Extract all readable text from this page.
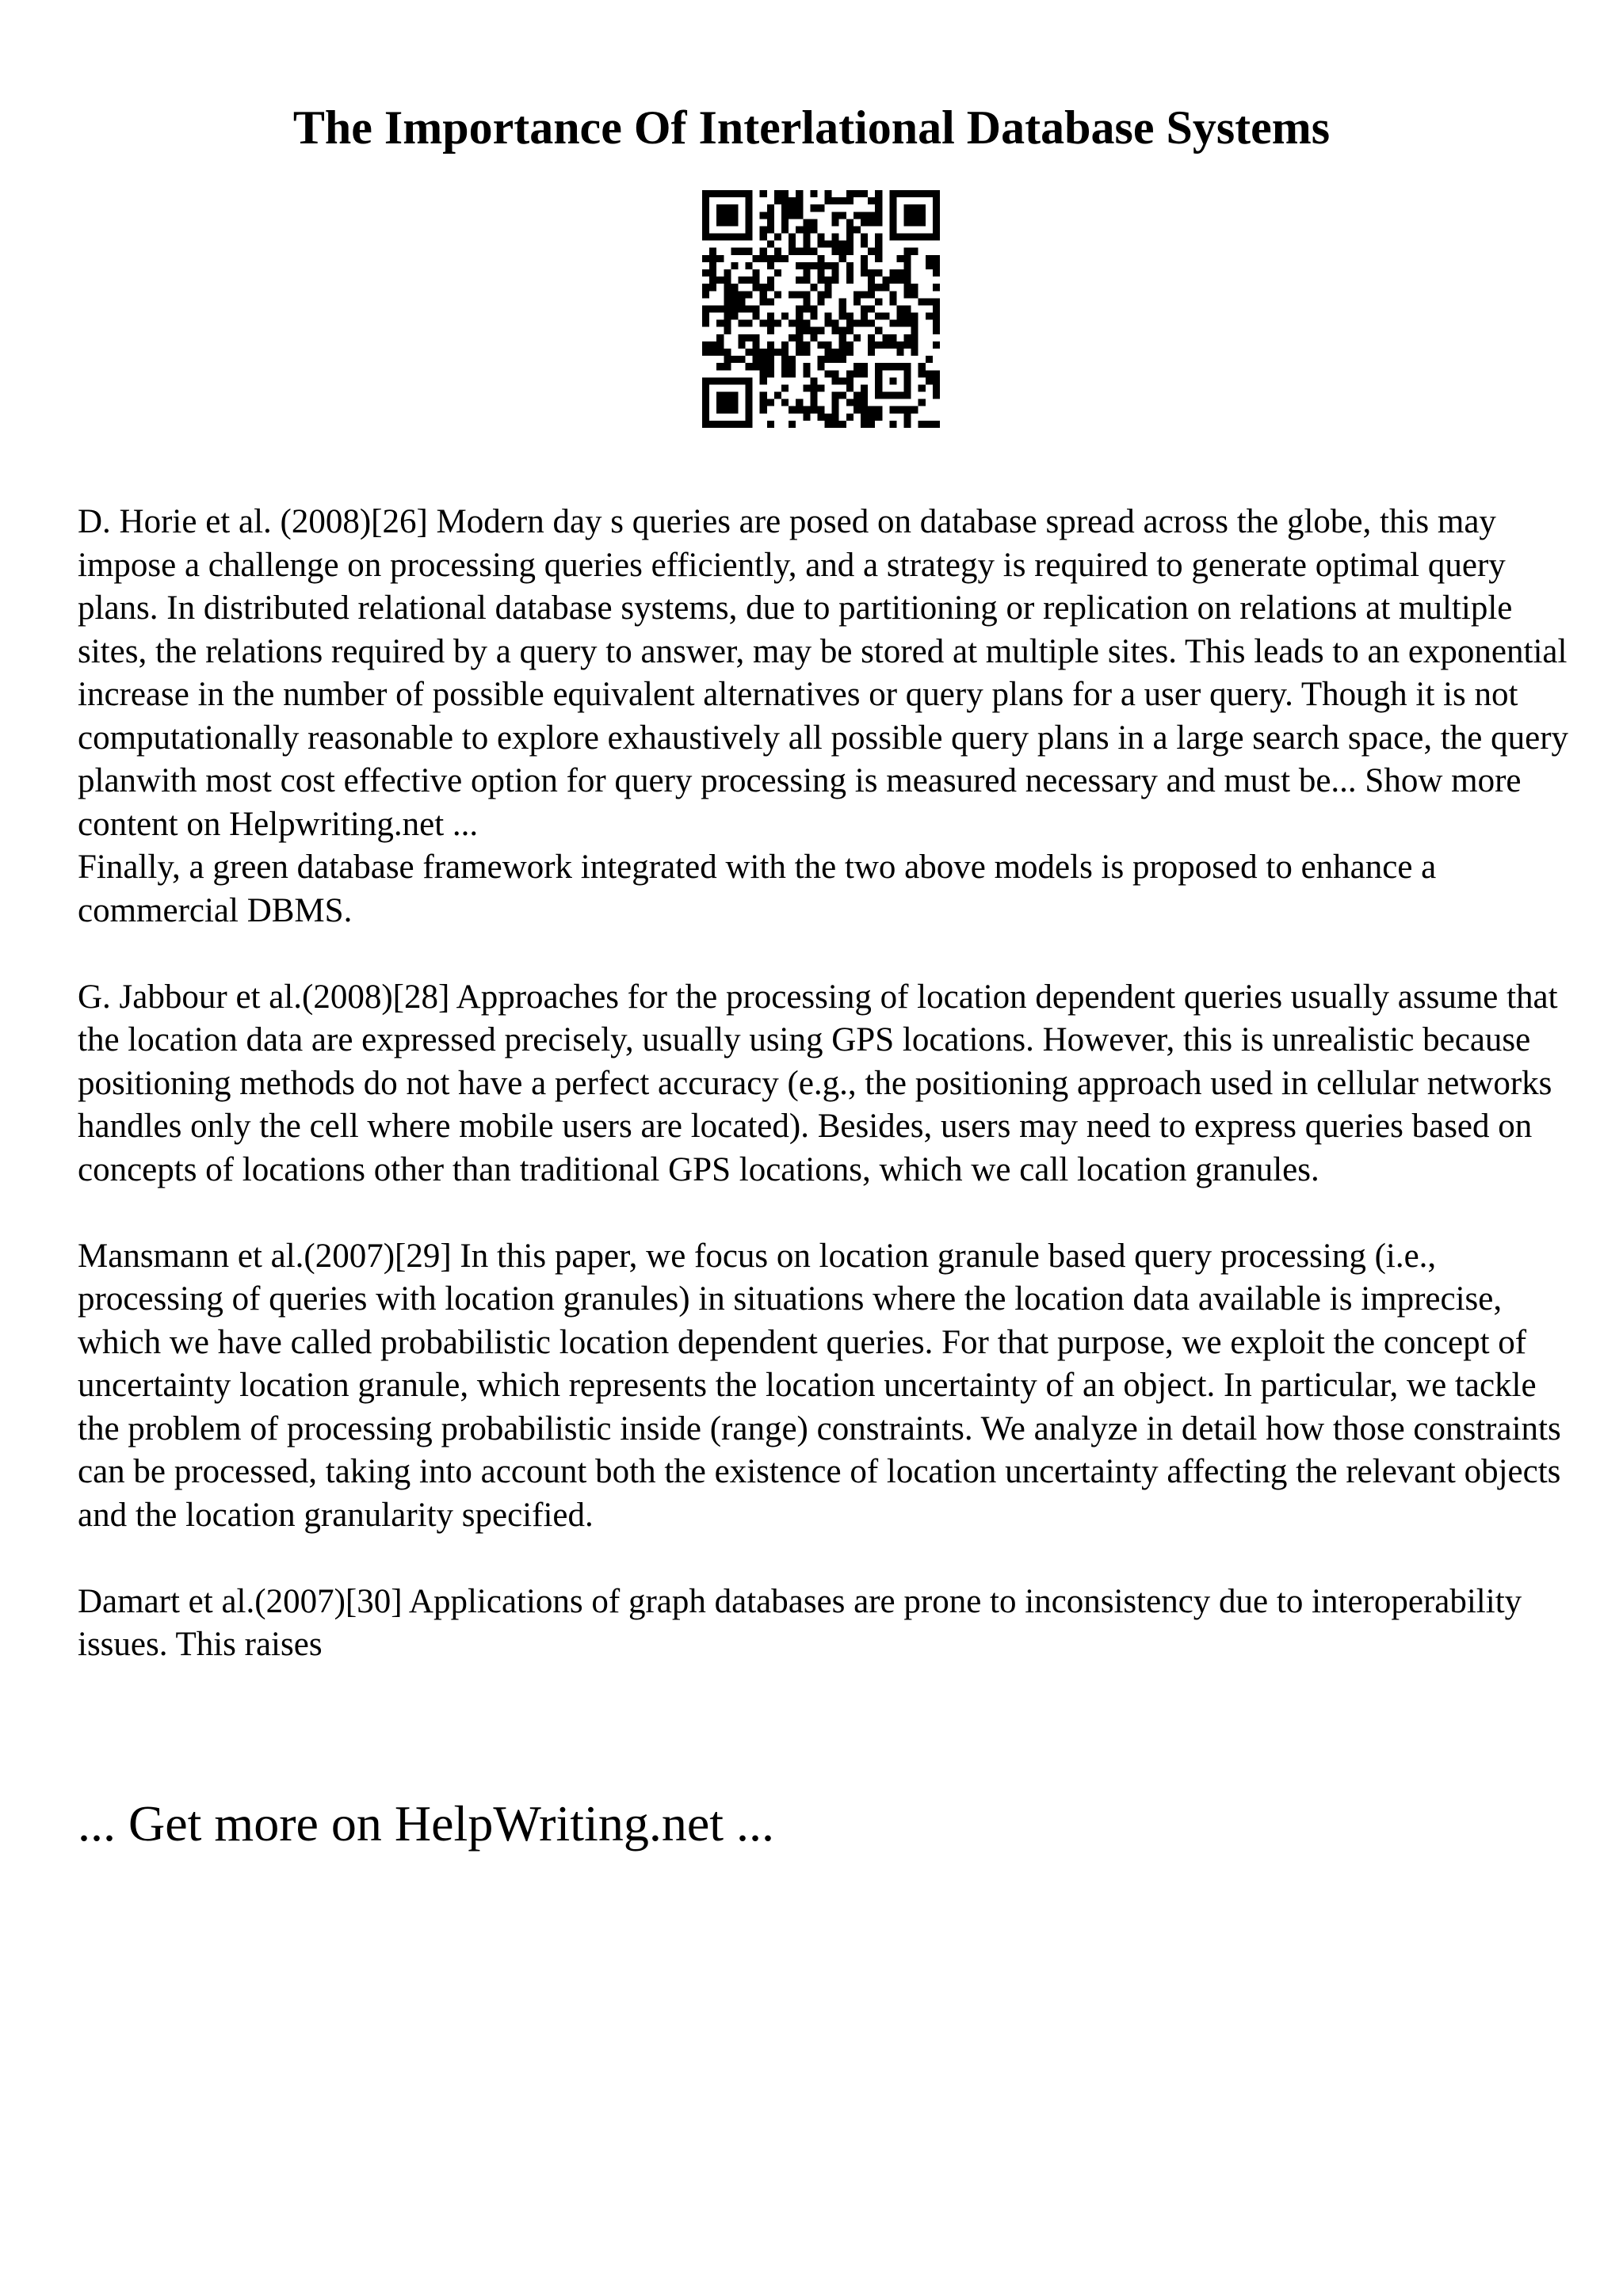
The Importance Of Interlational Database Systems

D. Horie et al. (2008)[26] Modern day s queries are posed on database spread across the globe, this may impose a challenge on processing queries efficiently, and a strategy is required to generate optimal query plans. In distributed relational database systems, due to partitioning or replication on relations at multiple sites, the relations required by a query to answer, may be stored at multiple sites. This leads to an exponential increase in the number of possible equivalent alternatives or query plans for a user query. Though it is not computationally reasonable to explore exhaustively all possible query plans in a large search space, the query planwith most cost effective option for query processing is measured necessary and must be... Show more content on Helpwriting.net ...

Finally, a green database framework integrated with the two above models is proposed to enhance a commercial DBMS.

G. Jabbour et al.(2008)[28] Approaches for the processing of location dependent queries usually assume that the location data are expressed precisely, usually using GPS locations. However, this is unrealistic because positioning methods do not have a perfect accuracy (e.g., the positioning approach used in cellular networks handles only the cell where mobile users are located). Besides, users may need to express queries based on concepts of locations other than traditional GPS locations, which we call location granules.

Mansmann et al.(2007)[29] In this paper, we focus on location granule based query processing (i.e., processing of queries with location granules) in situations where the location data available is imprecise, which we have called probabilistic location dependent queries. For that purpose, we exploit the concept of uncertainty location granule, which represents the location uncertainty of an object. In particular, we tackle the problem of processing probabilistic inside (range) constraints. We analyze in detail how those constraints can be processed, taking into account both the existence of location uncertainty affecting the relevant objects and the location granularity specified.

Damart et al.(2007)[30] Applications of graph databases are prone to inconsistency due to interoperability issues. This raises

... Get more on HelpWriting.net ...
